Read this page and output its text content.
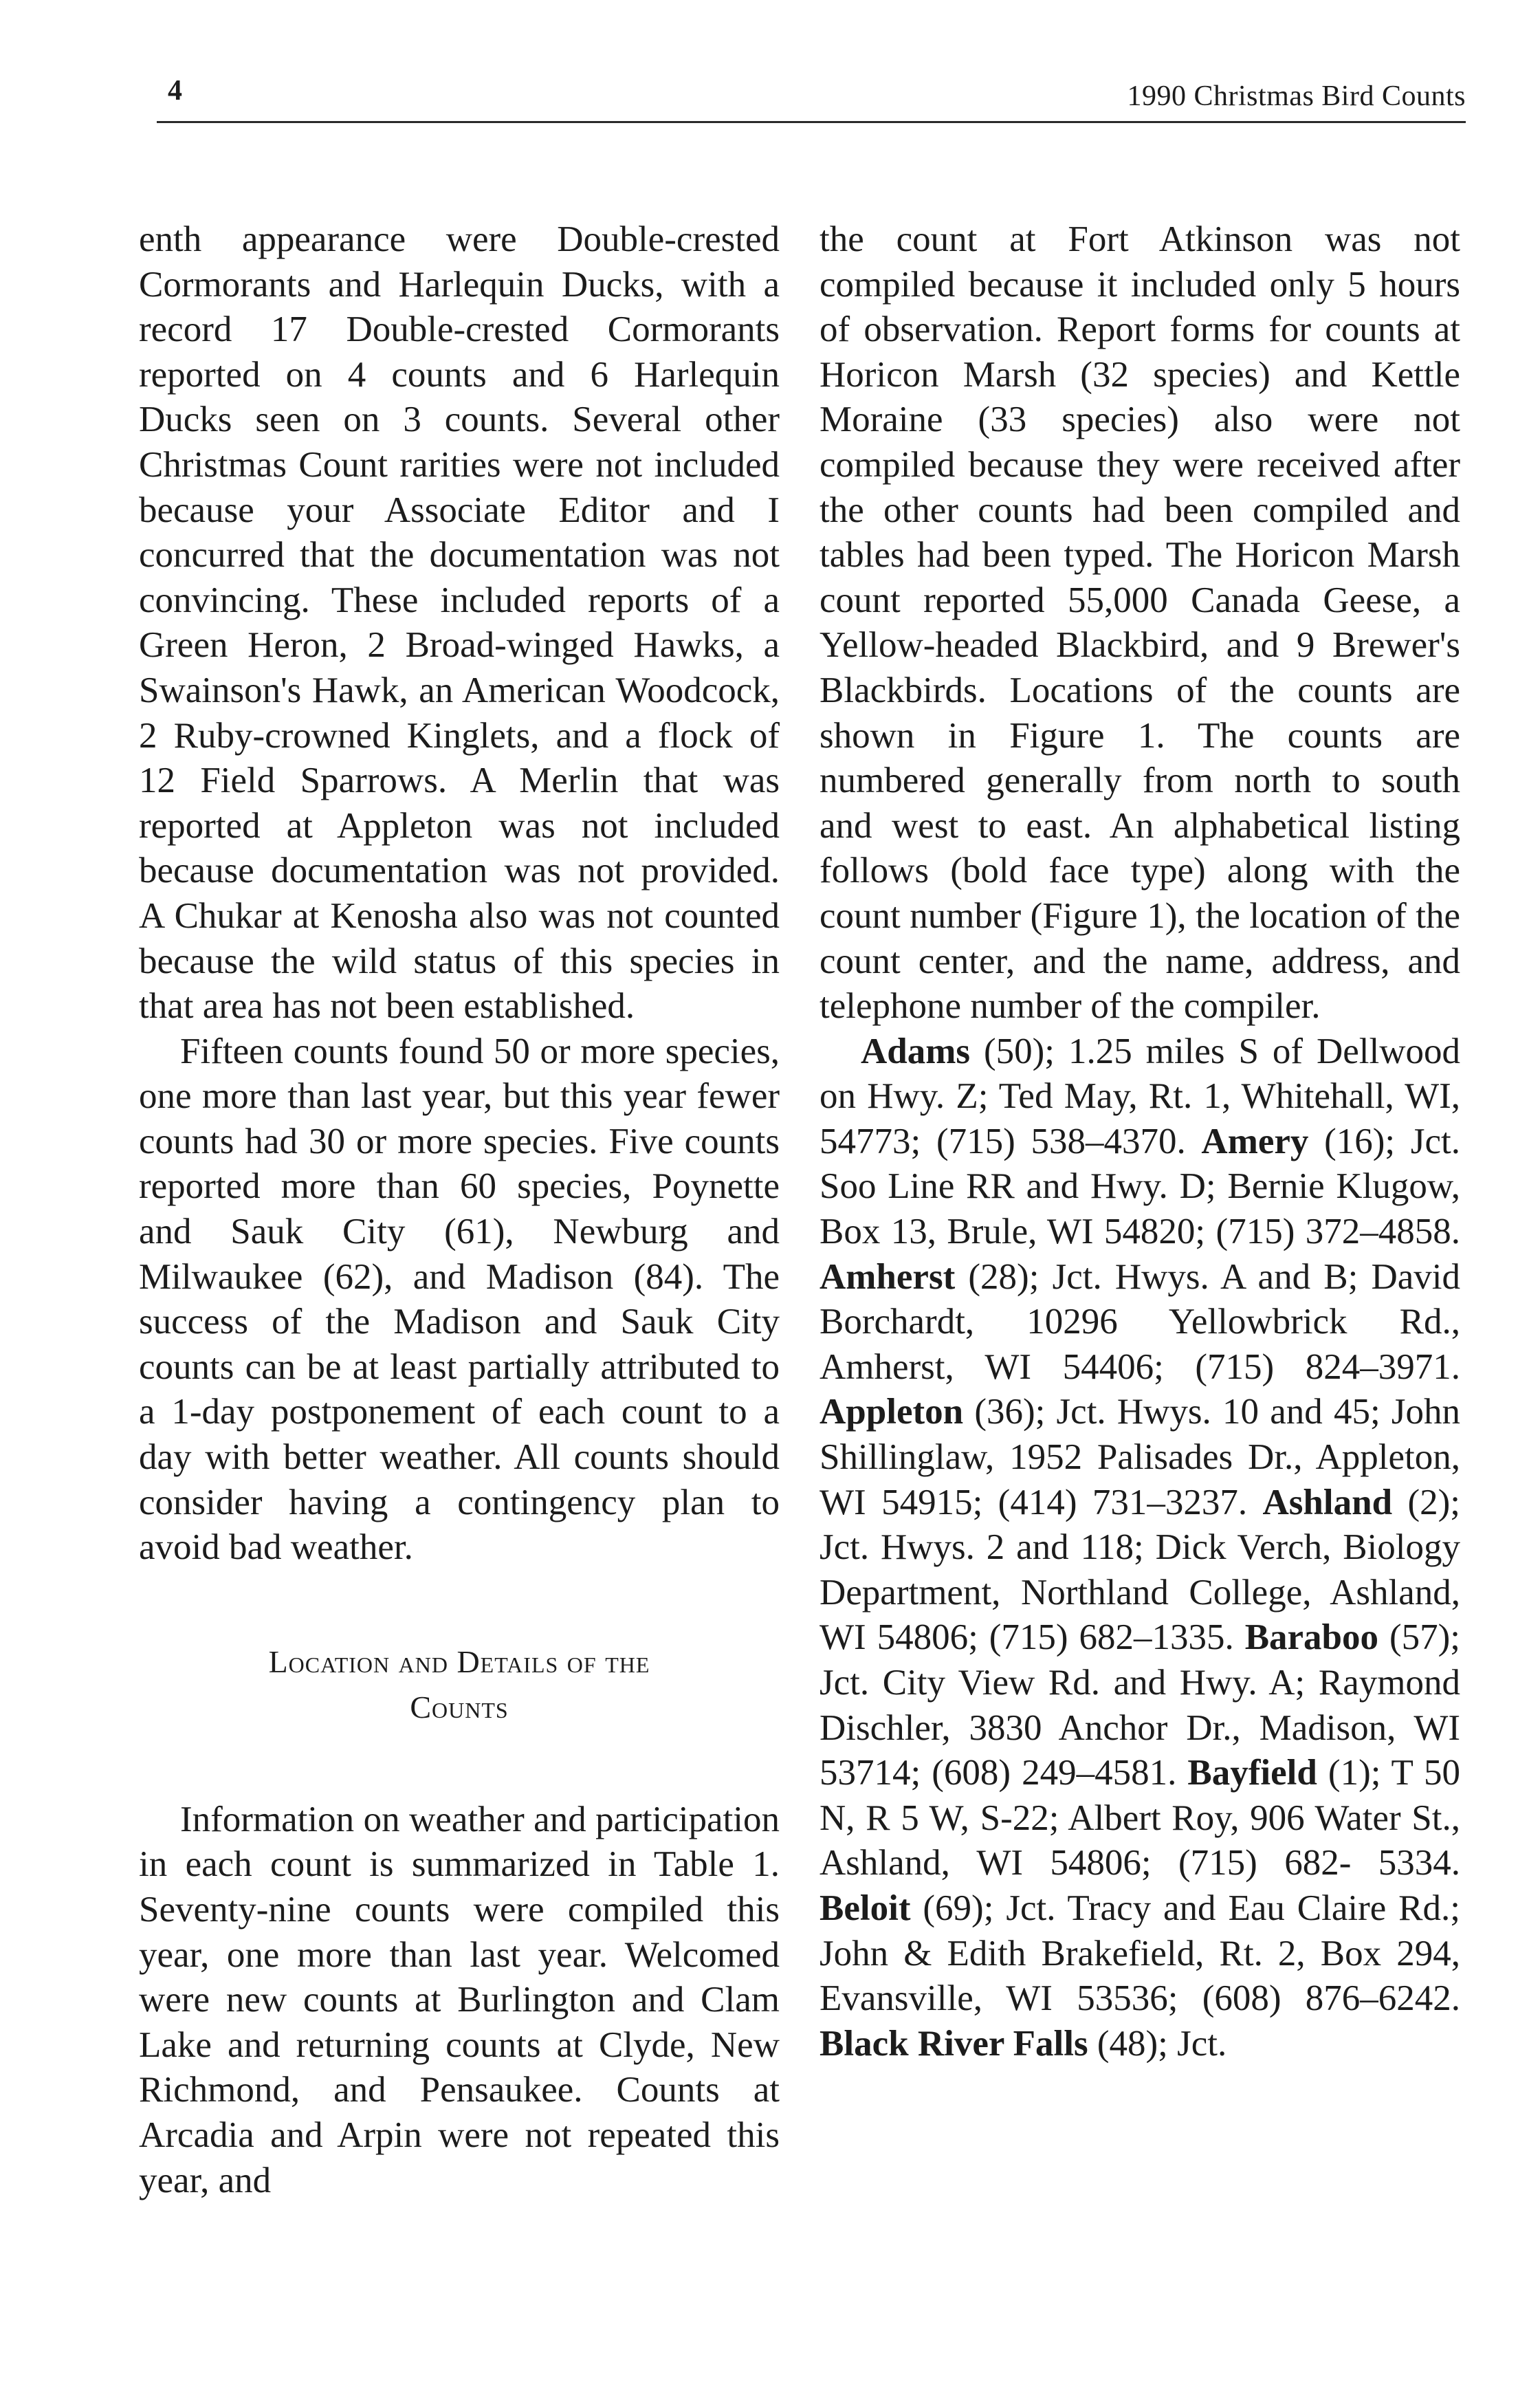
4	1990 Christmas Bird Counts

enth appearance were Double-crested Cormorants and Harlequin Ducks, with a record 17 Double-crested Cormorants reported on 4 counts and 6 Harlequin Ducks seen on 3 counts. Several other Christmas Count rarities were not included because your Associate Editor and I concurred that the documentation was not convincing. These included reports of a Green Heron, 2 Broad-winged Hawks, a Swainson's Hawk, an American Woodcock, 2 Ruby-crowned Kinglets, and a flock of 12 Field Sparrows. A Merlin that was reported at Appleton was not included because documentation was not provided. A Chukar at Kenosha also was not counted because the wild status of this species in that area has not been established.

Fifteen counts found 50 or more species, one more than last year, but this year fewer counts had 30 or more species. Five counts reported more than 60 species, Poynette and Sauk City (61), Newburg and Milwaukee (62), and Madison (84). The success of the Madison and Sauk City counts can be at least partially attributed to a 1-day postponement of each count to a day with better weather. All counts should consider having a contingency plan to avoid bad weather.

Location and Details of the
Counts

Information on weather and participation in each count is summarized in Table 1. Seventy-nine counts were compiled this year, one more than last year. Welcomed were new counts at Burlington and Clam Lake and returning counts at Clyde, New Richmond, and Pensaukee. Counts at Arcadia and Arpin were not repeated this year, and

the count at Fort Atkinson was not compiled because it included only 5 hours of observation. Report forms for counts at Horicon Marsh (32 species) and Kettle Moraine (33 species) also were not compiled because they were received after the other counts had been compiled and tables had been typed. The Horicon Marsh count reported 55,000 Canada Geese, a Yellow-headed Blackbird, and 9 Brewer's Blackbirds. Locations of the counts are shown in Figure 1. The counts are numbered generally from north to south and west to east. An alphabetical listing follows (bold face type) along with the count number (Figure 1), the location of the count center, and the name, address, and telephone number of the compiler.

Adams (50); 1.25 miles S of Dellwood on Hwy. Z; Ted May, Rt. 1, Whitehall, WI, 54773; (715) 538–4370. Amery (16); Jct. Soo Line RR and Hwy. D; Bernie Klugow, Box 13, Brule, WI 54820; (715) 372–4858. Amherst (28); Jct. Hwys. A and B; David Borchardt, 10296 Yellowbrick Rd., Amherst, WI 54406; (715) 824–3971. Appleton (36); Jct. Hwys. 10 and 45; John Shillinglaw, 1952 Palisades Dr., Appleton, WI 54915; (414) 731–3237. Ashland (2); Jct. Hwys. 2 and 118; Dick Verch, Biology Department, Northland College, Ashland, WI 54806; (715) 682–1335. Baraboo (57); Jct. City View Rd. and Hwy. A; Raymond Dischler, 3830 Anchor Dr., Madison, WI 53714; (608) 249–4581. Bayfield (1); T 50 N, R 5 W, S-22; Albert Roy, 906 Water St., Ashland, WI 54806; (715) 682- 5334. Beloit (69); Jct. Tracy and Eau Claire Rd.; John & Edith Brakefield, Rt. 2, Box 294, Evansville, WI 53536; (608) 876–6242. Black River Falls (48); Jct.
